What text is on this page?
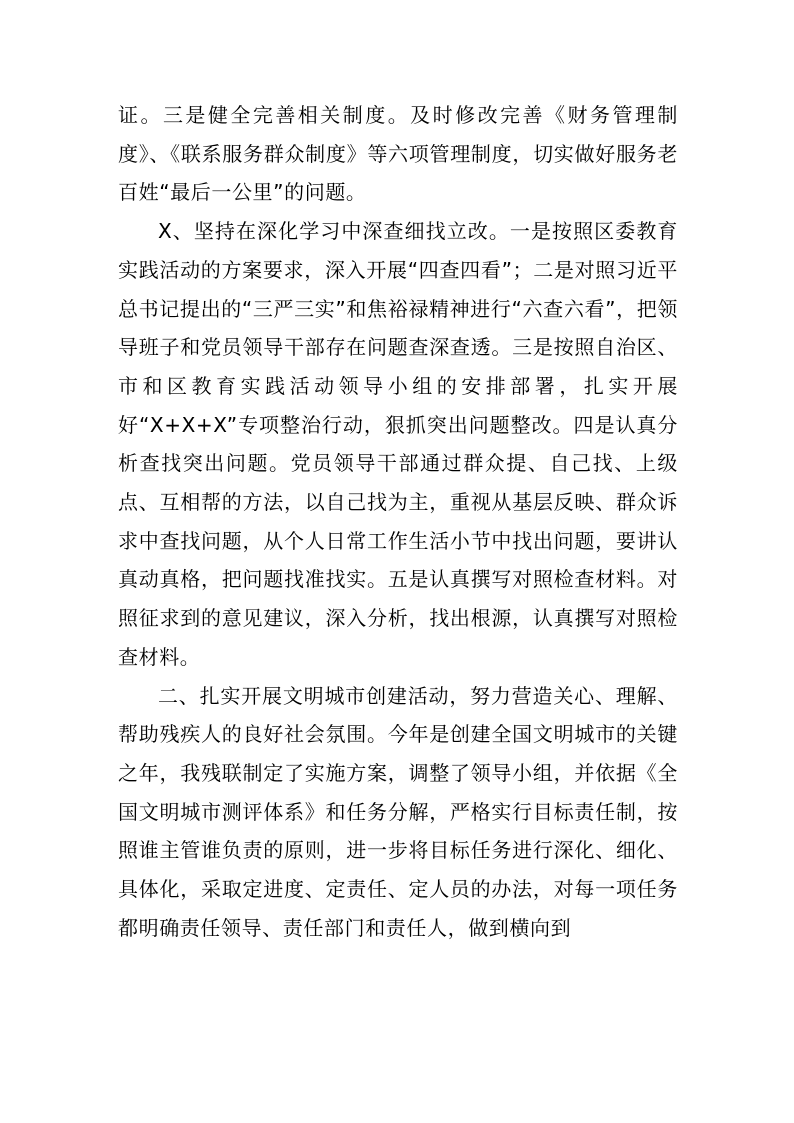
证。三是健全完善相关制度。及时修改完善《财务管理制度》、《联系服务群众制度》等六项管理制度，切实做好服务老百姓“最后一公里”的问题。

X、坚持在深化学习中深查细找立改。一是按照区委教育实践活动的方案要求，深入开展“四查四看”；二是对照习近平总书记提出的“三严三实”和焦裕禄精神进行“六查六看”，把领导班子和党员领导干部存在问题查深查透。三是按照自治区、市和区教育实践活动领导小组的安排部署，扎实开展好“X+X+X”专项整治行动，狠抓突出问题整改。四是认真分析查找突出问题。党员领导干部通过群众提、自己找、上级点、互相帮的方法，以自己找为主，重视从基层反映、群众诉求中查找问题，从个人日常工作生活小节中找出问题，要讲认真动真格，把问题找准找实。五是认真撰写对照检查材料。对照征求到的意见建议，深入分析，找出根源，认真撰写对照检查材料。

二、扎实开展文明城市创建活动，努力营造关心、理解、帮助残疾人的良好社会氛围。今年是创建全国文明城市的关键之年，我残联制定了实施方案，调整了领导小组，并依据《全国文明城市测评体系》和任务分解，严格实行目标责任制，按照谁主管谁负责的原则，进一步将目标任务进行深化、细化、具体化，采取定进度、定责任、定人员的办法，对每一项任务都明确责任领导、责任部门和责任人，做到横向到
